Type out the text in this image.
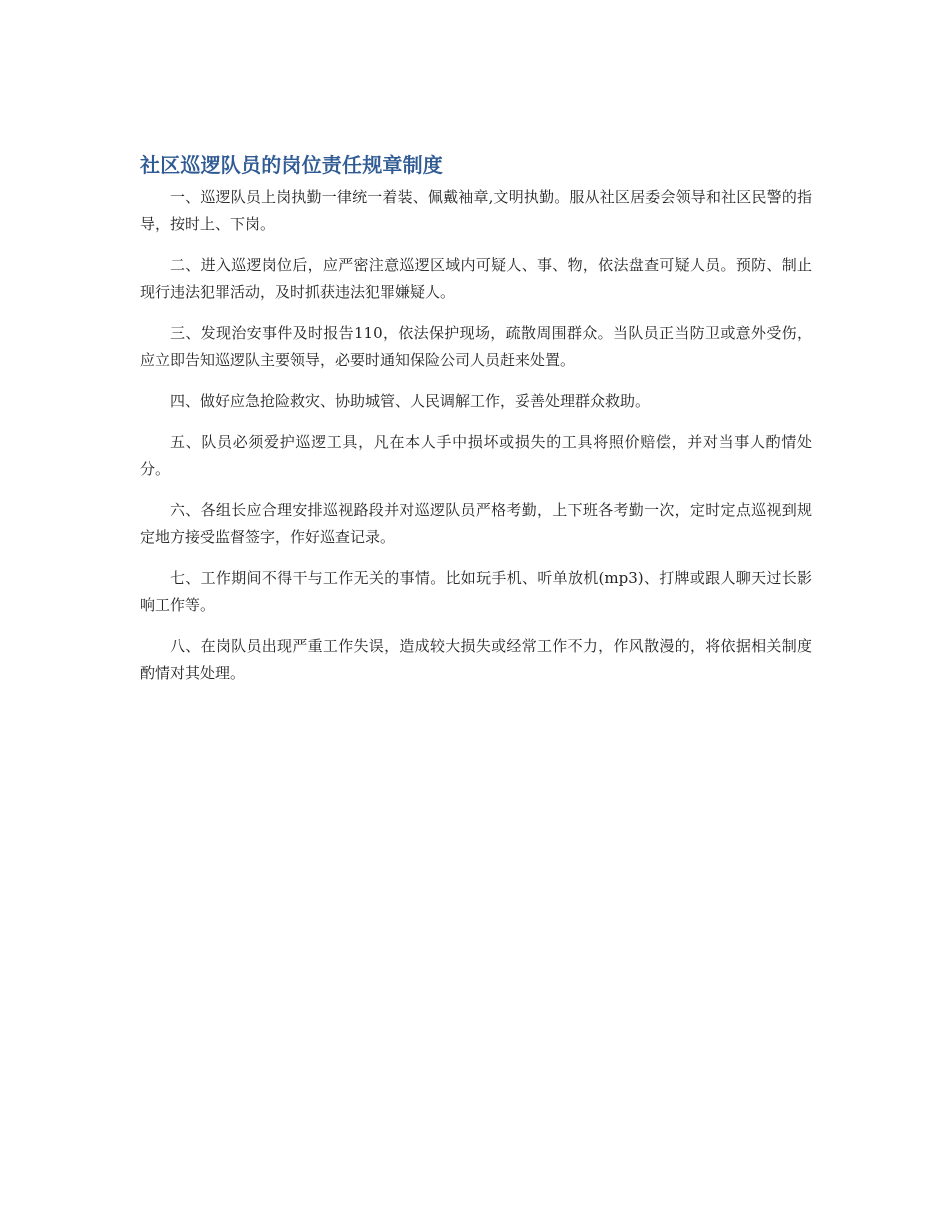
社区巡逻队员的岗位责任规章制度

一、巡逻队员上岗执勤一律统一着装、佩戴袖章,文明执勤。服从社区居委会领导和社区民警的指导，按时上、下岗。

二、进入巡逻岗位后，应严密注意巡逻区域内可疑人、事、物，依法盘查可疑人员。预防、制止现行违法犯罪活动，及时抓获违法犯罪嫌疑人。

三、发现治安事件及时报告110，依法保护现场，疏散周围群众。当队员正当防卫或意外受伤，应立即告知巡逻队主要领导，必要时通知保险公司人员赶来处置。

四、做好应急抢险救灾、协助城管、人民调解工作，妥善处理群众救助。

五、队员必须爱护巡逻工具，凡在本人手中损坏或损失的工具将照价赔偿，并对当事人酌情处分。

六、各组长应合理安排巡视路段并对巡逻队员严格考勤，上下班各考勤一次，定时定点巡视到规定地方接受监督签字，作好巡查记录。

七、工作期间不得干与工作无关的事情。比如玩手机、听单放机(mp3)、打牌或跟人聊天过长影响工作等。

八、在岗队员出现严重工作失误，造成较大损失或经常工作不力，作风散漫的，将依据相关制度酌情对其处理。
